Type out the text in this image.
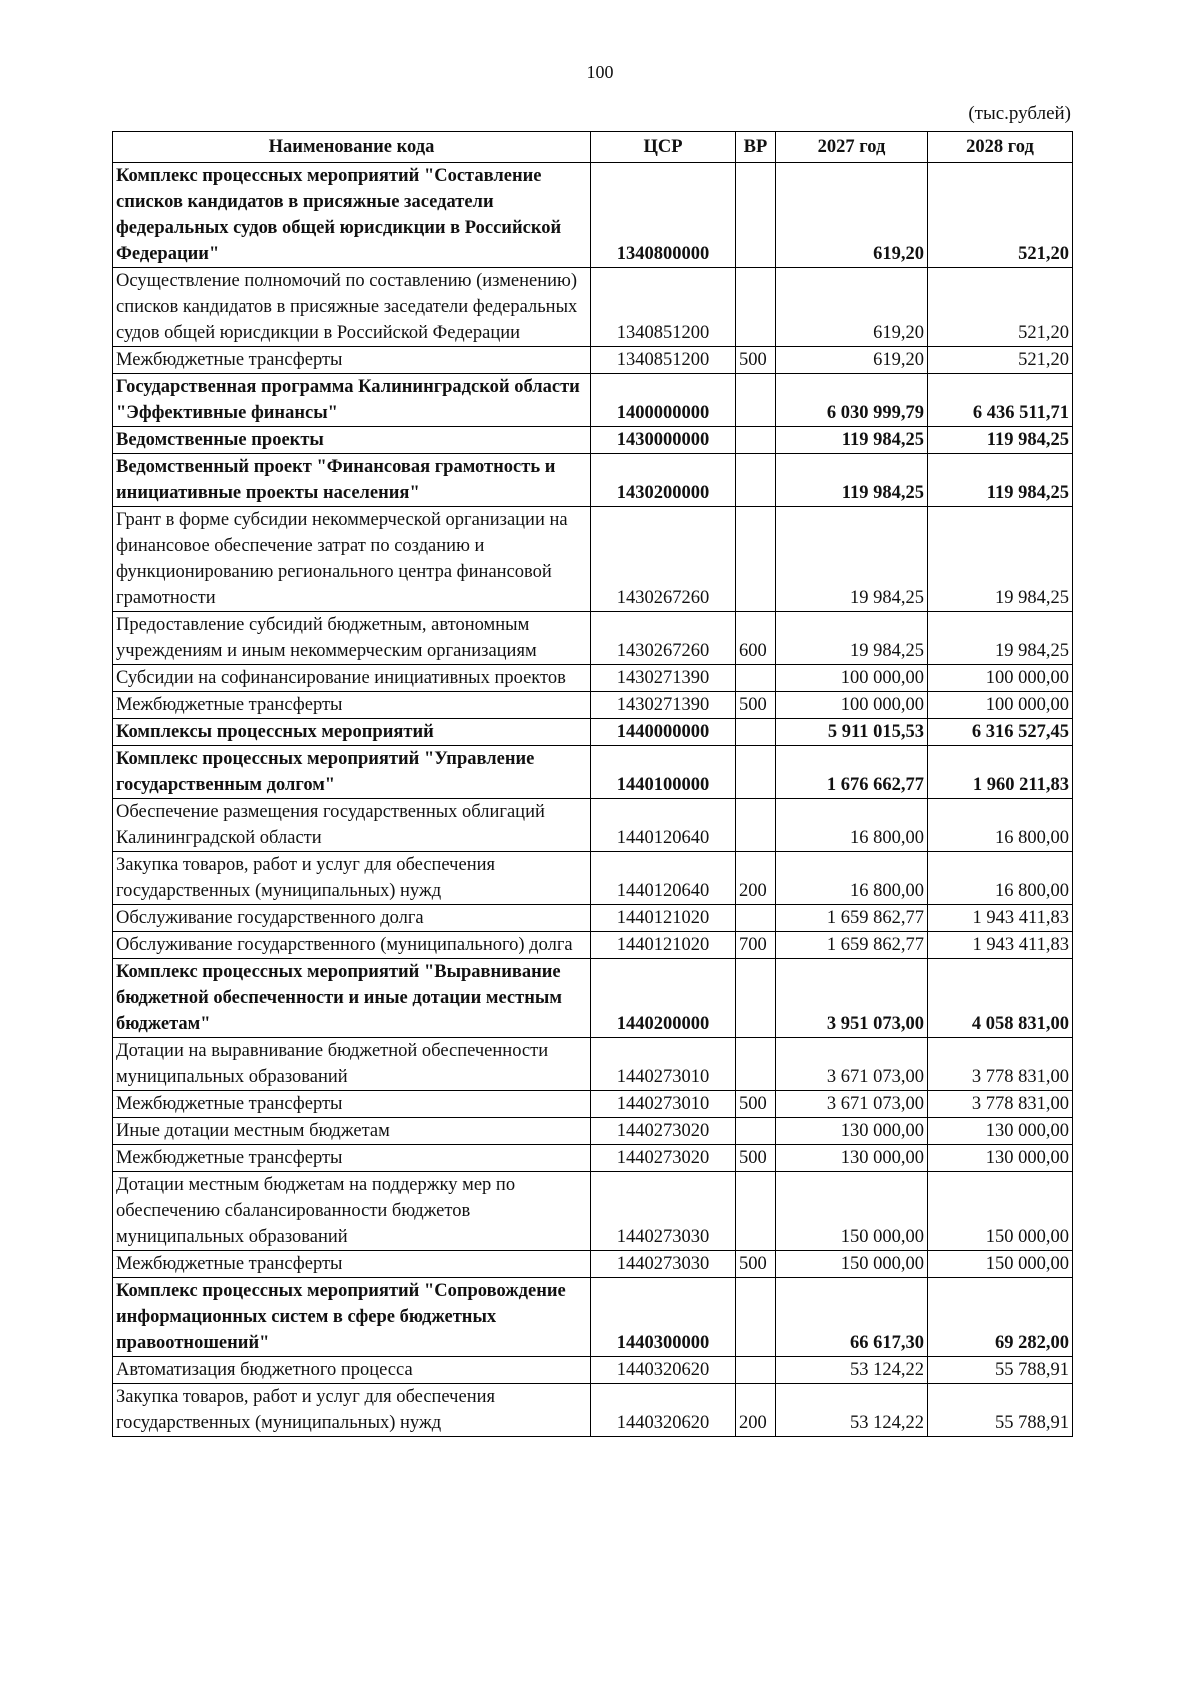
100
(тыс.рублей)
Наименование кода	ЦСР	ВР	2027 год	2028 год
Комплекс процессных мероприятий "Составление списков кандидатов в присяжные заседатели федеральных судов общей юрисдикции в Российской Федерации"	1340800000		619,20	521,20
Осуществление полномочий по составлению (изменению) списков кандидатов в присяжные заседатели федеральных судов общей юрисдикции в Российской Федерации	1340851200		619,20	521,20
Межбюджетные трансферты	1340851200	500	619,20	521,20
Государственная программа Калининградской области "Эффективные финансы"	1400000000		6 030 999,79	6 436 511,71
Ведомственные проекты	1430000000		119 984,25	119 984,25
Ведомственный проект "Финансовая грамотность и инициативные проекты населения"	1430200000		119 984,25	119 984,25
Грант в форме субсидии некоммерческой организации на финансовое обеспечение затрат по созданию и функционированию регионального центра финансовой грамотности	1430267260		19 984,25	19 984,25
Предоставление субсидий бюджетным, автономным учреждениям и иным некоммерческим организациям	1430267260	600	19 984,25	19 984,25
Субсидии на софинансирование инициативных проектов	1430271390		100 000,00	100 000,00
Межбюджетные трансферты	1430271390	500	100 000,00	100 000,00
Комплексы процессных мероприятий	1440000000		5 911 015,53	6 316 527,45
Комплекс процессных мероприятий "Управление государственным долгом"	1440100000		1 676 662,77	1 960 211,83
Обеспечение размещения государственных облигаций Калининградской области	1440120640		16 800,00	16 800,00
Закупка товаров, работ и услуг для обеспечения государственных (муниципальных) нужд	1440120640	200	16 800,00	16 800,00
Обслуживание государственного долга	1440121020		1 659 862,77	1 943 411,83
Обслуживание государственного (муниципального) долга	1440121020	700	1 659 862,77	1 943 411,83
Комплекс процессных мероприятий "Выравнивание бюджетной обеспеченности и иные дотации местным бюджетам"	1440200000		3 951 073,00	4 058 831,00
Дотации на выравнивание бюджетной обеспеченности муниципальных образований	1440273010		3 671 073,00	3 778 831,00
Межбюджетные трансферты	1440273010	500	3 671 073,00	3 778 831,00
Иные дотации местным бюджетам	1440273020		130 000,00	130 000,00
Межбюджетные трансферты	1440273020	500	130 000,00	130 000,00
Дотации местным бюджетам на поддержку мер по обеспечению сбалансированности бюджетов муниципальных образований	1440273030		150 000,00	150 000,00
Межбюджетные трансферты	1440273030	500	150 000,00	150 000,00
Комплекс процессных мероприятий "Сопровождение информационных систем в сфере бюджетных правоотношений"	1440300000		66 617,30	69 282,00
Автоматизация бюджетного процесса	1440320620		53 124,22	55 788,91
Закупка товаров, работ и услуг для обеспечения государственных (муниципальных) нужд	1440320620	200	53 124,22	55 788,91
